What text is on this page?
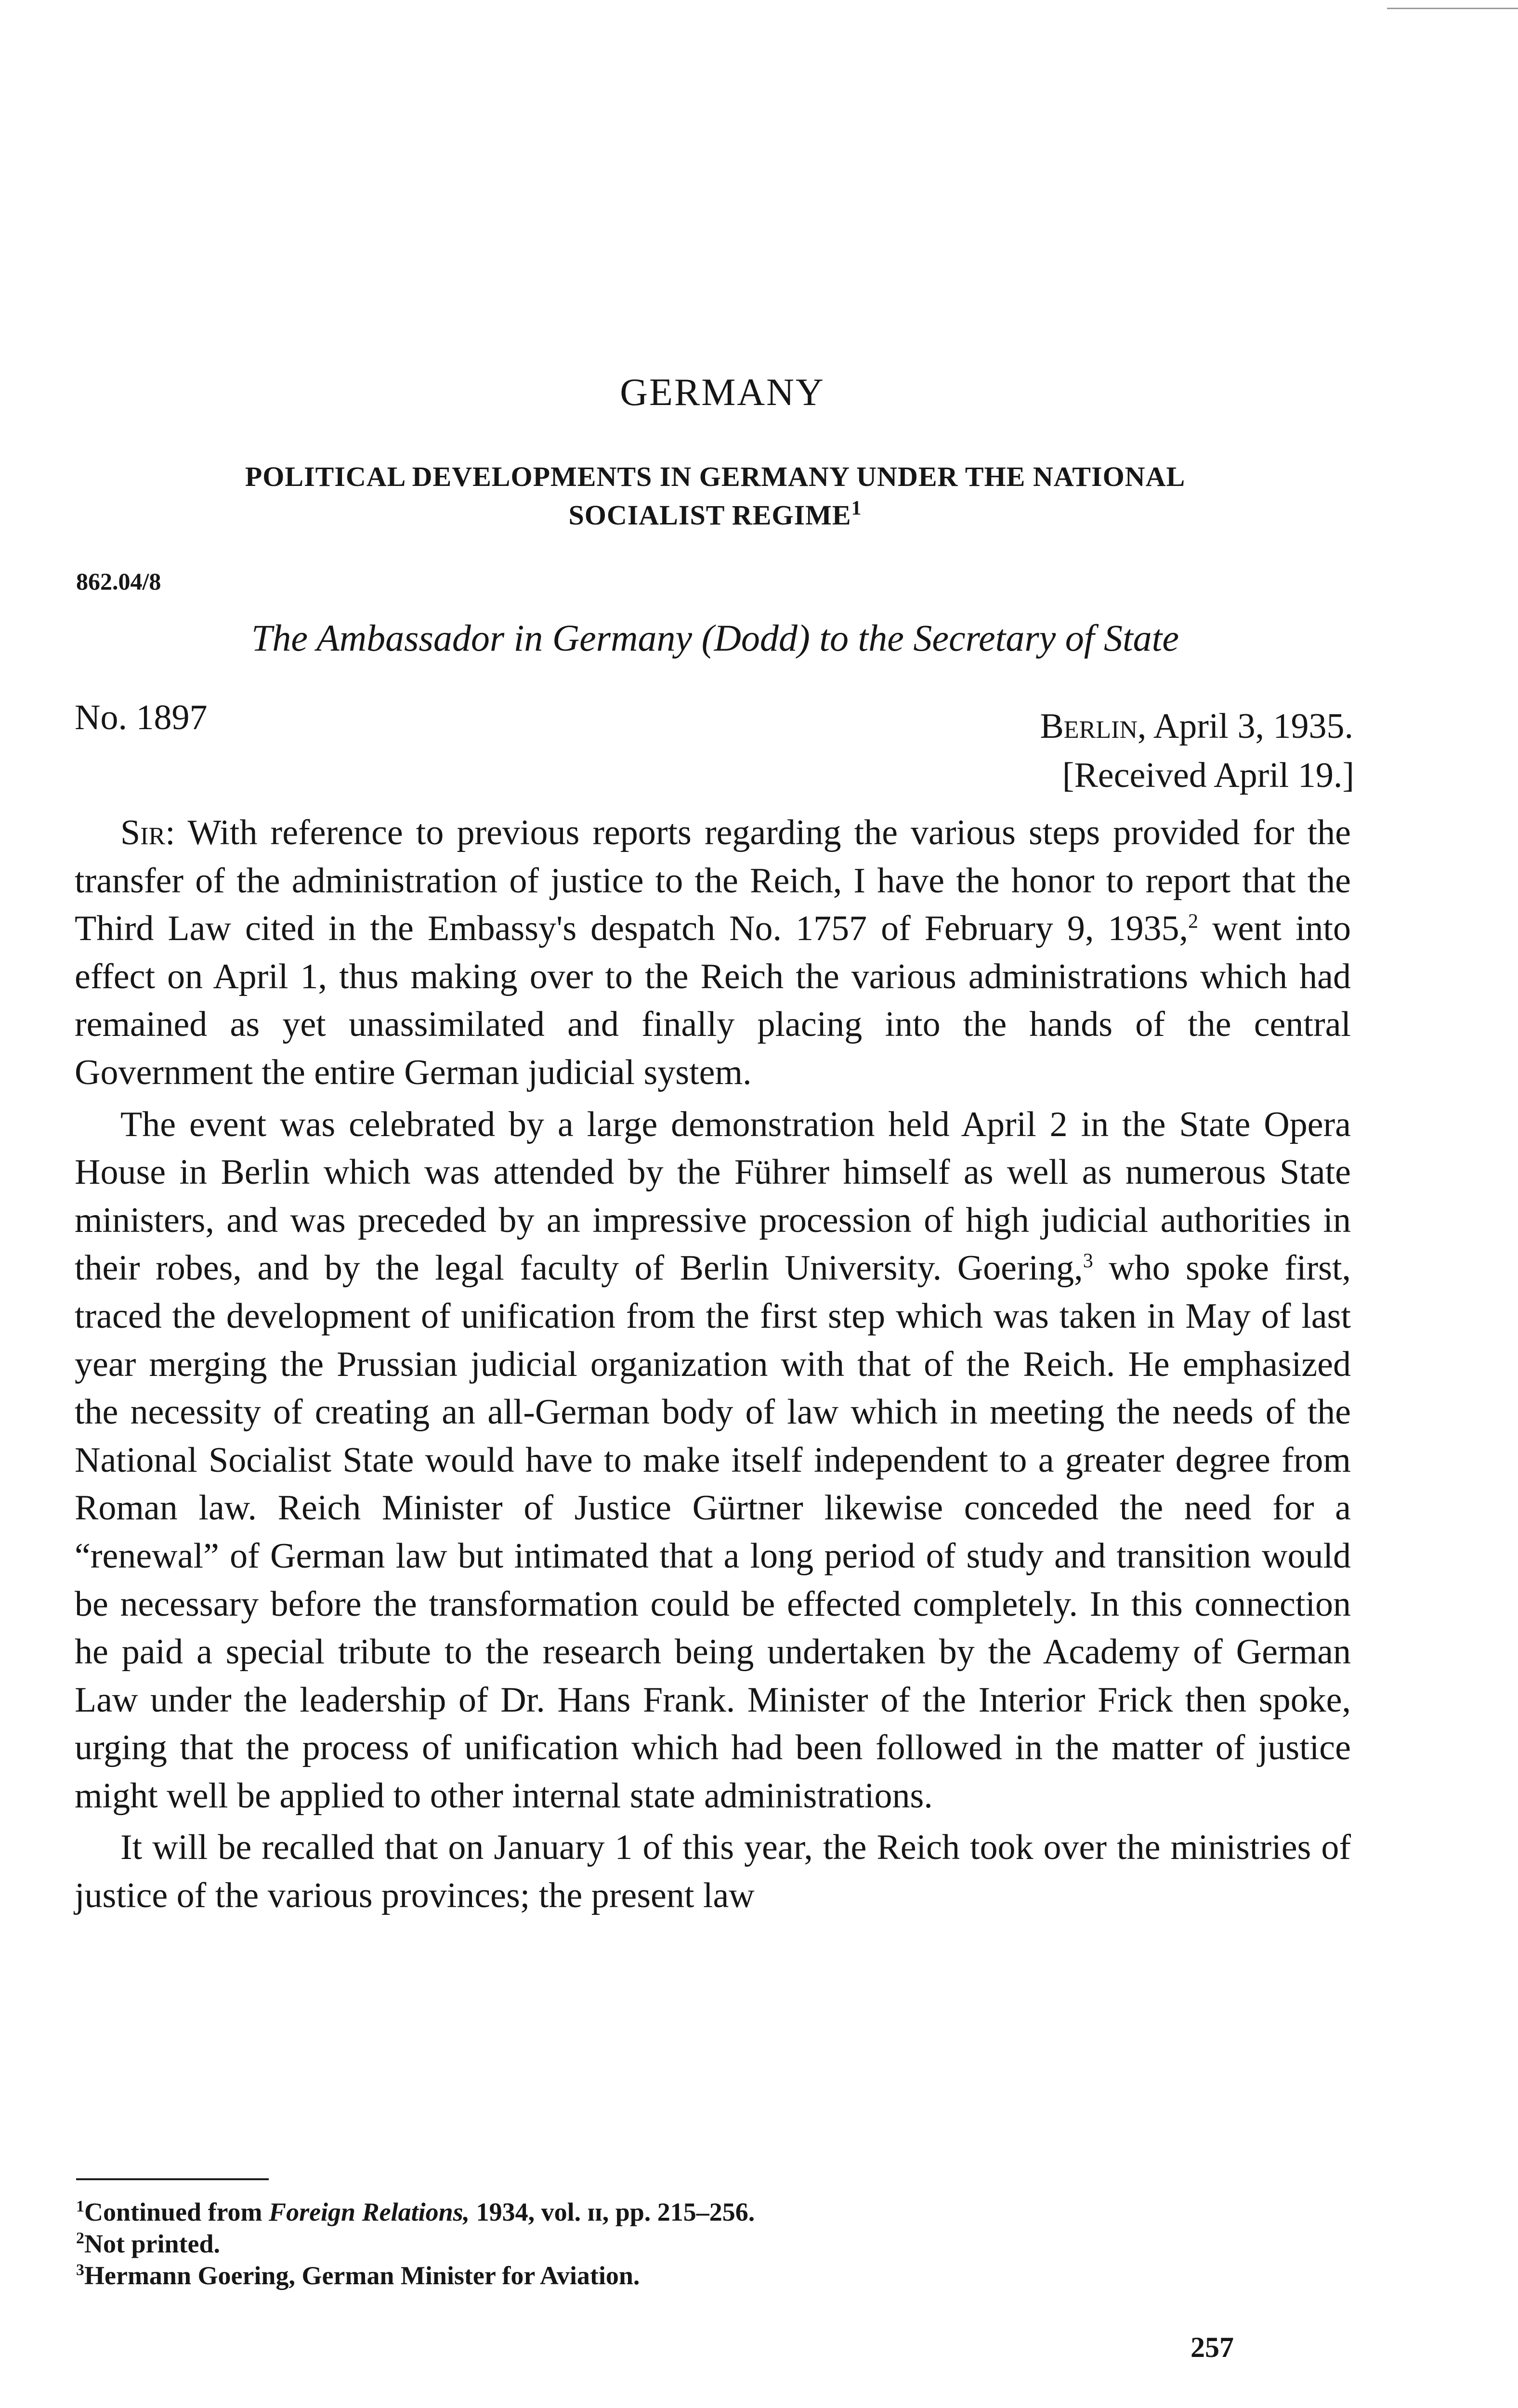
GERMANY
POLITICAL DEVELOPMENTS IN GERMANY UNDER THE NATIONAL
SOCIALIST REGIME$^1$
862.04/8
The Ambassador in Germany (Dodd) to the Secretary of State
No. 1897	Berlin, April 3, 1935.
[Received April 19.]

Sir: With reference to previous reports regarding the various steps provided for the transfer of the administration of justice to the Reich, I have the honor to report that the Third Law cited in the Embassy's despatch No. 1757 of February 9, 1935,$^2$ went into effect on April 1, thus making over to the Reich the various administrations which had remained as yet unassimilated and finally placing into the hands of the central Government the entire German judicial system.

The event was celebrated by a large demonstration held April 2 in the State Opera House in Berlin which was attended by the Führer himself as well as numerous State ministers, and was preceded by an impressive procession of high judicial authorities in their robes, and by the legal faculty of Berlin University. Goering,$^3$ who spoke first, traced the development of unification from the first step which was taken in May of last year merging the Prussian judicial organization with that of the Reich. He emphasized the necessity of creating an all-German body of law which in meeting the needs of the National Socialist State would have to make itself independent to a greater degree from Roman law. Reich Minister of Justice Gürtner likewise conceded the need for a “renewal” of German law but intimated that a long period of study and transition would be necessary before the transformation could be effected completely. In this connection he paid a special tribute to the research being undertaken by the Academy of German Law under the leadership of Dr. Hans Frank. Minister of the Interior Frick then spoke, urging that the process of unification which had been followed in the matter of justice might well be applied to other internal state administrations.

It will be recalled that on January 1 of this year, the Reich took over the ministries of justice of the various provinces; the present law

$^1$Continued from Foreign Relations, 1934, vol. ɪɪ, pp. 215–256.
$^2$Not printed.
$^3$Hermann Goering, German Minister for Aviation.
257
